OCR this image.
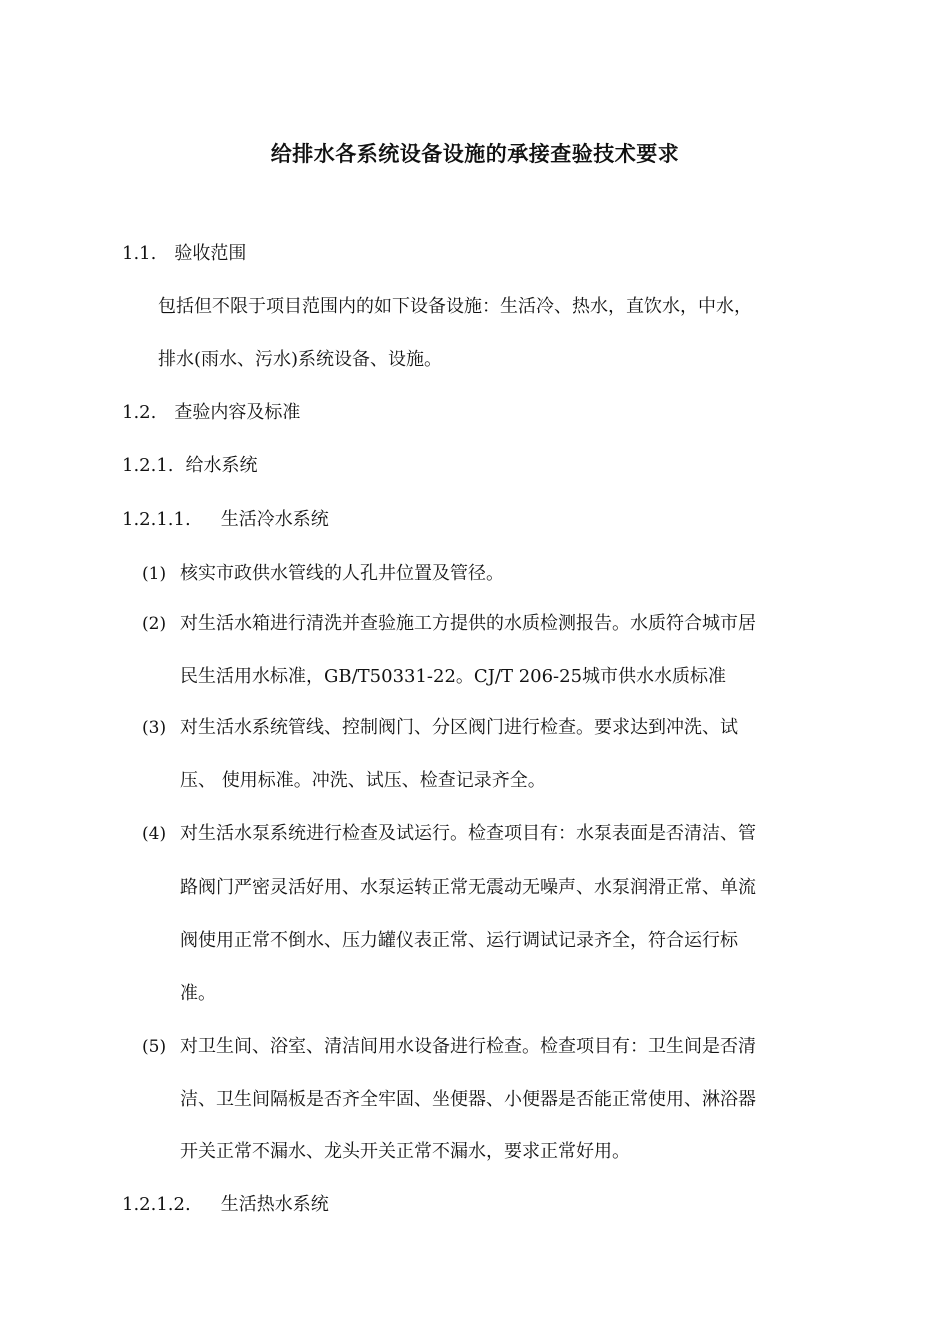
给排水各系统设备设施的承接查验技术要求
1.1. 验收范围
包括但不限于项目范围内的如下设备设施：生活冷、热水，直饮水，中水，
排水(雨水、污水)系统设备、设施。
1.2. 查验内容及标准
1.2.1. 给水系统
1.2.1.1. 生活冷水系统
(1) 核实市政供水管线的人孔井位置及管径。
(2) 对生活水箱进行清洗并查验施工方提供的水质检测报告。水质符合城市居
民生活用水标准，GB/T50331-22。CJ/T 206-25城市供水水质标准
(3) 对生活水系统管线、控制阀门、分区阀门进行检查。要求达到冲洗、试
压、 使用标准。冲洗、试压、检查记录齐全。
(4) 对生活水泵系统进行检查及试运行。检查项目有：水泵表面是否清洁、管
路阀门严密灵活好用、水泵运转正常无震动无噪声、水泵润滑正常、单流
阀使用正常不倒水、压力罐仪表正常、运行调试记录齐全，符合运行标
准。
(5) 对卫生间、浴室、清洁间用水设备进行检查。检查项目有：卫生间是否清
洁、卫生间隔板是否齐全牢固、坐便器、小便器是否能正常使用、淋浴器
开关正常不漏水、龙头开关正常不漏水，要求正常好用。
1.2.1.2. 生活热水系统
